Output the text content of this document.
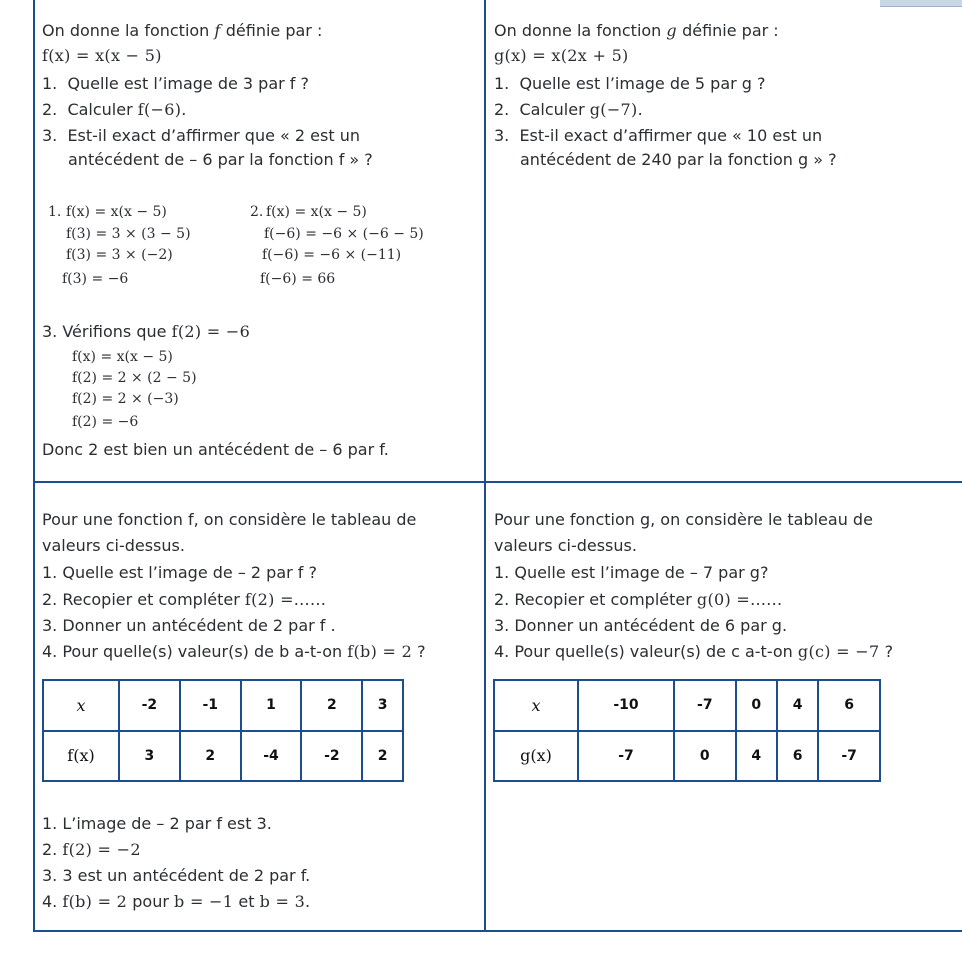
On donne la fonction f définie par :
f(x) = x(x − 5)
1. Quelle est l’image de 3 par f ?
2. Calculer f(−6).
3. Est-il exact d’affirmer que « 2 est un
antécédent de – 6 par la fonction f » ?
1. f(x) = x(x − 5)
f(3) = 3 × (3 − 5)
f(3) = 3 × (−2)
f(3) = −6
2. f(x) = x(x − 5)
f(−6) = −6 × (−6 − 5)
f(−6) = −6 × (−11)
f(−6) = 66
3. Vérifions que f(2) = −6
f(x) = x(x − 5)
f(2) = 2 × (2 − 5)
f(2) = 2 × (−3)
f(2) = −6
Donc 2 est bien un antécédent de – 6 par f.
On donne la fonction g définie par :
g(x) = x(2x + 5)
1. Quelle est l’image de 5 par g ?
2. Calculer g(−7).
3. Est-il exact d’affirmer que « 10 est un
antécédent de 240 par la fonction g » ?
Pour une fonction f, on considère le tableau de
valeurs ci-dessus.
1. Quelle est l’image de – 2 par f ?
2. Recopier et compléter f(2) =......
3. Donner un antécédent de 2 par f .
4. Pour quelle(s) valeur(s) de b a-t-on f(b) = 2 ?
x	-2	-1	1	2	3
f(x)	3	2	-4	-2	2
1. L’image de – 2 par f est 3.
2. f(2) = −2
3. 3 est un antécédent de 2 par f.
4. f(b) = 2 pour b = −1 et b = 3.
Pour une fonction g, on considère le tableau de
valeurs ci-dessus.
1. Quelle est l’image de – 7 par g?
2. Recopier et compléter g(0) =......
3. Donner un antécédent de 6 par g.
4. Pour quelle(s) valeur(s) de c a-t-on g(c) = −7 ?
x	-10	-7	0	4	6
g(x)	-7	0	4	6	-7
